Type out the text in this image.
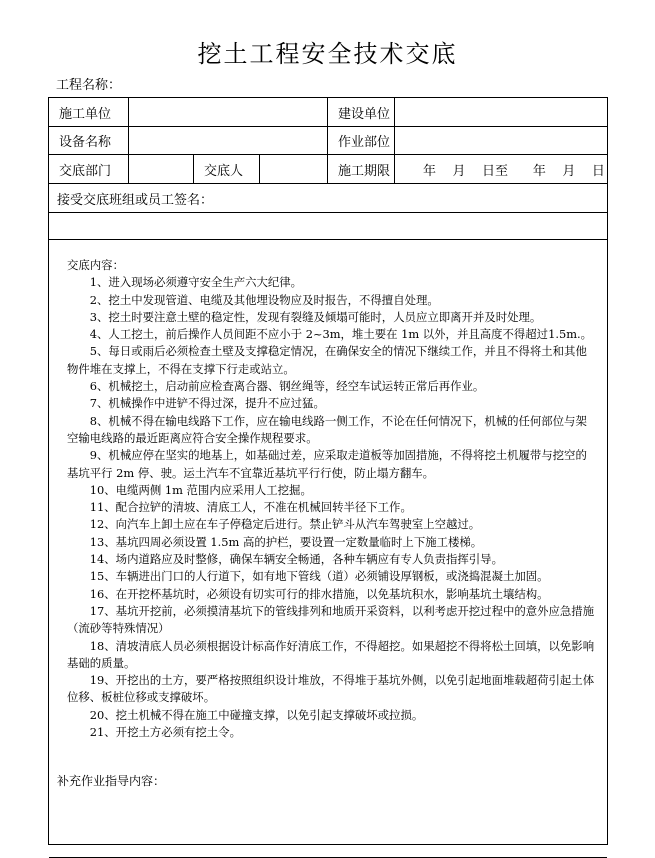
挖土工程安全技术交底
工程名称：
施工单位	建设单位
设备名称	作业部位
交底部门	交底人	施工期限	年    月    日至      年    月    日
接受交底班组或员工签名：
交底内容：

1、进入现场必须遵守安全生产六大纪律。

2、挖土中发现管道、电缆及其他埋设物应及时报告，不得擅自处理。

3、挖土时要注意土壁的稳定性，发现有裂缝及倾塌可能时，人员应立即离开并及时处理。

4、人工挖土，前后操作人员间距不应小于 2~3m，堆土要在 1m 以外，并且高度不得超过1.5m.。

5、每日或雨后必须检查土壁及支撑稳定情况，在确保安全的情况下继续工作，并且不得将土和其他物件堆在支撑上，不得在支撑下行走或站立。

6、机械挖土，启动前应检查离合器、钢丝绳等，经空车试运转正常后再作业。

7、机械操作中进铲不得过深，提升不应过猛。

8、机械不得在输电线路下工作，应在输电线路一侧工作，不论在任何情况下，机械的任何部位与架空输电线路的最近距离应符合安全操作规程要求。

9、机械应停在坚实的地基上，如基础过差，应采取走道板等加固措施，不得将挖土机履带与挖空的基坑平行 2m 停、驶。运土汽车不宜靠近基坑平行行使，防止塌方翻车。

10、电缆两侧 1m 范围内应采用人工挖掘。

11、配合拉铲的清坡、清底工人，不准在机械回转半径下工作。

12、向汽车上卸土应在车子停稳定后进行。禁止铲斗从汽车驾驶室上空越过。

13、基坑四周必须设置 1.5m 高的护栏，要设置一定数量临时上下施工楼梯。

14、场内道路应及时整修，确保车辆安全畅通，各种车辆应有专人负责指挥引导。

15、车辆进出门口的人行道下，如有地下管线（道）必须铺设厚钢板，或浇捣混凝土加固。

16、在开挖杯基坑时，必须设有切实可行的排水措施，以免基坑积水，影响基坑土壤结构。

17、基坑开挖前，必须摸清基坑下的管线排列和地质开采资料，以利考虑开挖过程中的意外应急措施（流砂等特殊情况）

18、清坡清底人员必须根据设计标高作好清底工作，不得超挖。如果超挖不得将松土回填，以免影响基础的质量。

19、开挖出的土方，要严格按照组织设计堆放，不得堆于基坑外侧，以免引起地面堆载超荷引起土体位移、板桩位移或支撑破坏。

20、挖土机械不得在施工中碰撞支撑，以免引起支撑破坏或拉损。

21、开挖土方必须有挖土令。

补充作业指导内容：
